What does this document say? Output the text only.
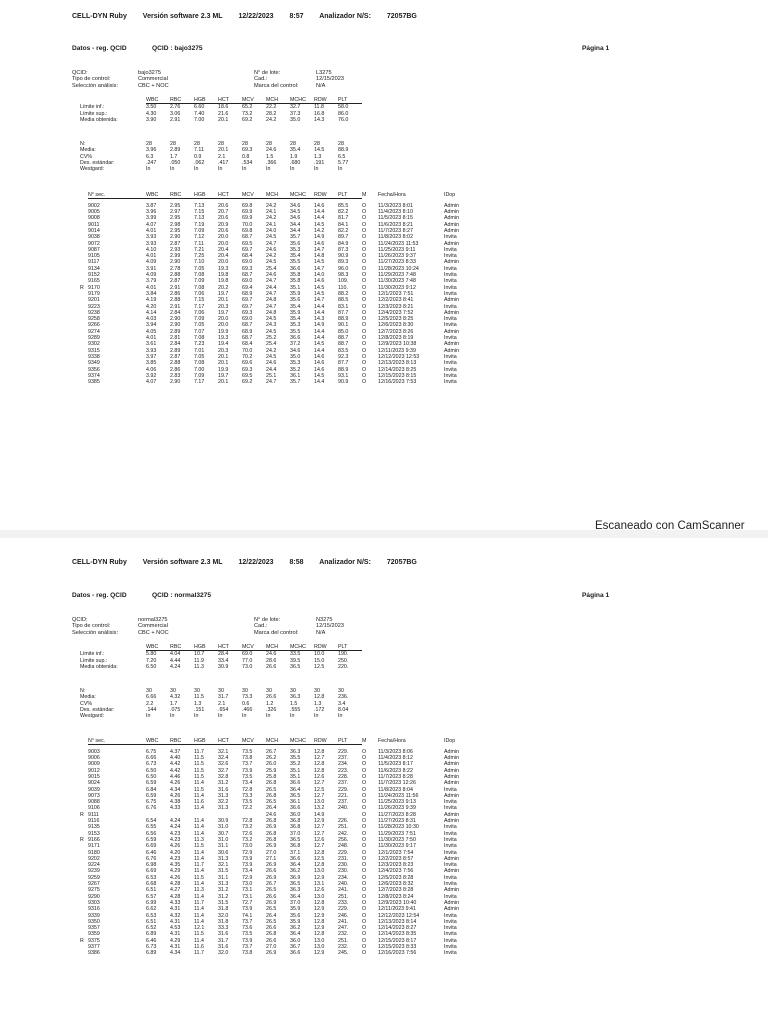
CELL-DYN Ruby Versión software 2.3 ML 12/22/2023 8:57 Analizador N/S: 72057BG
Datos - reg. QCID	QCID : bajo3275	Página 1
QCID:	bajo3275
Tipo de control:	Commercial
Selección análisis:	CBC + NOC
N° de lote:	L3275
Cad.:	12/15/2023
Marca del control:	N/A
	WBC	RBC	HGB	HCT	MCV	MCH	MCHC	RDW	PLT
Límite inf.:	3.50	2.76	6.60	18.6	65.2	22.2	32.7	11.8	58.0
Límite sup.:	4.30	3.06	7.40	21.6	73.2	28.2	37.3	16.8	86.0
Media obtenida:	3.90	2.91	7.00	20.1	69.2	24.2	35.0	14.3	76.0
N:	28	28	28	28	28	28	28	28	28
Media:	3.96	2.89	7.11	20.1	69.3	24.6	35.4	14.5	88.9
CV%	6.3	1.7	0.9	2.1	0.8	1.5	1.9	1.3	6.5
Des. estándar:	.247	.050	.062	.417	.534	.366	.680	.191	5.77
Westgard:	In	In	In	In	In	In	In	In	In
	N° sec.	WBC	RBC	HGB	HCT	MCV	MCH	MCHC	RDW	PLT	M	Fecha/Hora	IDop

	9002	3.87	2.95	7.13	20.6	69.8	24.2	34.6	14.6	85.5	O	11/3/2023 8:01	Admin
	9005	3.96	2.97	7.15	20.7	69.9	24.1	34.5	14.4	82.2	O	11/4/2023 8:10	Admin
	9008	3.99	2.95	7.13	20.6	69.9	24.2	34.6	14.4	81.7	O	11/5/2023 8:15	Admin
	9011	4.07	2.98	7.19	20.9	70.0	24.1	34.4	14.5	84.1	O	11/6/2023 8:21	Admin
	9014	4.01	2.95	7.09	20.6	69.8	24.0	34.4	14.2	82.2	O	11/7/2023 8:27	Admin
	9038	3.93	2.90	7.12	20.0	68.7	24.5	35.7	14.9	89.7	O	11/8/2023 8:02	Invita
	9072	3.93	2.87	7.11	20.0	69.5	24.7	35.6	14.6	84.9	O	11/24/2023 11:53	Admin
	9087	4.10	2.93	7.21	20.4	69.7	24.6	35.3	14.7	87.3	O	11/25/2023 9:11	Invita
	9105	4.01	2.99	7.25	20.4	68.4	24.2	35.4	14.8	90.9	O	11/26/2023 9:37	Invita
	9117	4.09	2.90	7.10	20.0	69.0	24.5	35.5	14.5	89.3	O	11/27/2023 8:33	Admin
	9134	3.91	2.78	7.05	19.3	69.3	25.4	36.6	14.7	96.0	O	11/28/2023 10:24	Invita
	9152	4.09	2.88	7.08	19.8	68.7	24.6	35.8	14.0	98.3	O	11/29/2023 7:48	Invita
	9165	3.79	2.87	7.09	19.8	69.0	24.7	35.8	14.6	109.	O	11/30/2023 7:48	Invita
R	9170	4.01	2.91	7.08	20.2	69.4	24.4	35.1	14.5	110.	O	11/30/2023 9:12	Invita
	9179	3.84	2.86	7.06	19.7	68.9	24.7	35.9	14.5	88.2	O	12/1/2023 7:51	Invita
	9201	4.19	2.88	7.15	20.1	69.7	24.8	35.6	14.7	88.5	O	12/2/2023 8:41	Admin
	9223	4.20	2.91	7.17	20.3	69.7	24.7	35.4	14.4	83.1	O	12/3/2023 8:21	Invita
	9238	4.14	2.84	7.06	19.7	69.3	24.8	35.9	14.4	87.7	O	12/4/2023 7:52	Admin
	9258	4.03	2.90	7.09	20.0	69.0	24.5	35.4	14.3	88.9	O	12/5/2023 8:25	Invita
	9266	3.94	2.90	7.05	20.0	68.7	24.3	35.3	14.9	90.1	O	12/6/2023 8:30	Invita
	9274	4.05	2.89	7.07	19.9	68.9	24.5	35.5	14.4	85.0	O	12/7/2023 8:26	Admin
	9289	4.01	2.81	7.08	19.3	68.7	25.2	36.6	14.4	88.7	O	12/8/2023 8:19	Invita
	9302	3.61	2.84	7.23	19.4	68.4	25.4	37.2	14.5	88.7	O	12/9/2023 10:38	Admin
	9315	3.93	2.89	7.01	20.3	70.0	24.2	34.6	14.4	83.5	O	12/11/2023 9:39	Admin
	9338	3.97	2.87	7.05	20.1	70.2	24.5	35.0	14.6	92.3	O	12/12/2023 12:53	Invita
	9349	3.85	2.88	7.08	20.1	69.6	24.6	35.3	14.6	87.7	O	12/13/2023 8:13	Invita
	9356	4.06	2.86	7.00	19.9	69.3	24.4	35.2	14.6	88.9	O	12/14/2023 8:25	Invita
	9374	3.92	2.83	7.09	19.7	69.5	25.1	36.1	14.5	93.1	O	12/15/2023 8:15	Invita
	9385	4.07	2.90	7.17	20.1	69.2	24.7	35.7	14.4	90.9	O	12/16/2023 7:53	Invita
Escaneado con CamScanner
CELL-DYN Ruby Versión software 2.3 ML 12/22/2023 8:58 Analizador N/S: 72057BG
Datos - reg. QCID	QCID : normal3275	Página 1
QCID:	normal3275
Tipo de control:	Commercial
Selección análisis:	CBC + NOC
N° de lote:	N3275
Cad.:	12/15/2023
Marca del control:	N/A
	WBC	RBC	HGB	HCT	MCV	MCH	MCHC	RDW	PLT
Límite inf.:	5.80	4.04	10.7	28.4	69.0	24.6	33.5	10.0	190.
Límite sup.:	7.20	4.44	11.9	33.4	77.0	28.6	39.5	15.0	250.
Media obtenida:	6.50	4.24	11.3	30.9	73.0	26.6	36.5	12.5	220.
N:	30	30	30	30	30	30	30	30	30
Media:	6.66	4.32	11.5	31.7	73.3	26.6	36.3	12.8	236.
CV%	2.2	1.7	1.3	2.1	0.6	1.2	1.5	1.3	3.4
Des. estándar:	.144	.075	.151	.654	.466	.326	.555	.172	8.04
Westgard:	In	In	In	In	In	In	In	In	In
	N° sec.	WBC	RBC	HGB	HCT	MCV	MCH	MCHC	RDW	PLT	M	Fecha/Hora	IDop

	9003	6.75	4.37	11.7	32.1	73.5	26.7	36.3	12.8	229.	O	11/3/2023 8:06	Admin
	9006	6.66	4.40	11.5	32.4	73.8	26.2	35.5	12.7	237.	O	11/4/2023 8:12	Admin
	9009	6.73	4.42	11.5	32.6	73.7	26.0	35.2	12.8	234.	O	11/5/2023 8:17	Admin
	9012	6.50	4.42	11.5	32.7	73.9	25.9	35.1	12.8	223.	O	11/6/2023 8:22	Admin
	9015	6.50	4.46	11.5	32.8	73.5	25.8	35.1	12.6	228.	O	11/7/2023 8:28	Admin
	9024	6.59	4.26	11.4	31.2	73.4	26.8	36.6	12.7	237.	O	11/7/2023 12:26	Admin
	9039	6.84	4.34	11.5	31.6	72.8	26.5	36.4	12.5	229.	O	11/8/2023 8:04	Invita
	9073	6.59	4.26	11.4	31.3	73.3	26.8	36.5	12.7	221.	O	11/24/2023 11:56	Admin
	9088	6.75	4.38	11.6	32.2	73.5	26.5	36.1	13.0	237.	O	11/25/2023 9:13	Invita
	9106	6.76	4.33	11.4	31.3	72.2	26.4	36.6	13.2	240.	O	11/26/2023 9:39	Invita
R	9111						24.6	36.0	14.9		O	11/27/2023 8:28	Admin
	9116	6.54	4.24	11.4	30.9	72.8	26.8	36.8	12.9	226.	O	11/27/2023 8:31	Admin
	9135	6.55	4.24	11.4	31.0	73.2	26.9	36.8	12.7	251.	O	11/28/2023 10:30	Invita
	9153	6.56	4.23	11.4	30.7	72.6	26.8	37.0	12.7	242.	O	11/29/2023 7:51	Invita
R	9166	6.59	4.23	11.3	31.0	73.2	26.8	36.5	12.6	256.	O	11/30/2023 7:50	Invita
	9171	6.69	4.26	11.5	31.1	73.0	26.9	36.8	12.7	248.	O	11/30/2023 9:17	Invita
	9180	6.46	4.20	11.4	30.6	72.9	27.0	37.1	12.8	229.	O	12/1/2023 7:54	Invita
	9202	6.76	4.23	11.4	31.3	73.9	27.1	36.6	12.5	231.	O	12/2/2023 8:57	Admin
	9224	6.98	4.35	11.7	32.1	73.9	26.9	36.4	12.8	230.	O	12/3/2023 8:23	Invita
	9239	6.69	4.29	11.4	31.5	73.4	26.6	36.2	13.0	230.	O	12/4/2023 7:56	Admin
	9259	6.53	4.26	11.5	31.1	72.9	26.9	36.9	12.9	234.	O	12/5/2023 8:28	Invita
	9267	6.68	4.28	11.4	31.3	73.0	26.7	36.5	13.1	240.	O	12/6/2023 8:32	Invita
	9275	6.51	4.27	11.3	31.2	73.1	26.5	36.3	12.6	241.	O	12/7/2023 8:28	Admin
	9290	6.57	4.28	11.4	31.2	73.1	26.6	36.4	13.0	251.	O	12/8/2023 8:24	Invita
	9303	6.99	4.33	11.7	31.5	72.7	26.9	37.0	12.8	233.	O	12/9/2023 10:40	Admin
	9316	6.62	4.31	11.4	31.8	73.9	26.5	35.9	12.9	229.	O	12/11/2023 9:41	Admin
	9339	6.53	4.32	11.4	32.0	74.1	26.4	35.6	12.9	246.	O	12/12/2023 12:54	Invita
	9350	6.51	4.31	11.4	31.8	73.7	26.5	35.9	12.8	241.	O	12/13/2023 8:14	Invita
	9357	6.52	4.53	12.1	33.3	73.6	26.6	36.2	12.9	247.	O	12/14/2023 8:27	Invita
	9359	6.89	4.31	11.5	31.6	73.5	26.8	36.4	12.8	232.	O	12/14/2023 8:35	Invita
R	9375	6.46	4.29	11.4	31.7	73.9	26.6	36.0	13.0	251.	O	12/15/2023 8:17	Invita
	9377	6.73	4.31	11.6	31.6	73.7	27.0	36.7	13.0	232.	O	12/15/2023 8:33	Invita
	9386	6.89	4.34	11.7	32.0	73.8	26.9	36.6	12.9	245.	O	12/16/2023 7:56	Invita
